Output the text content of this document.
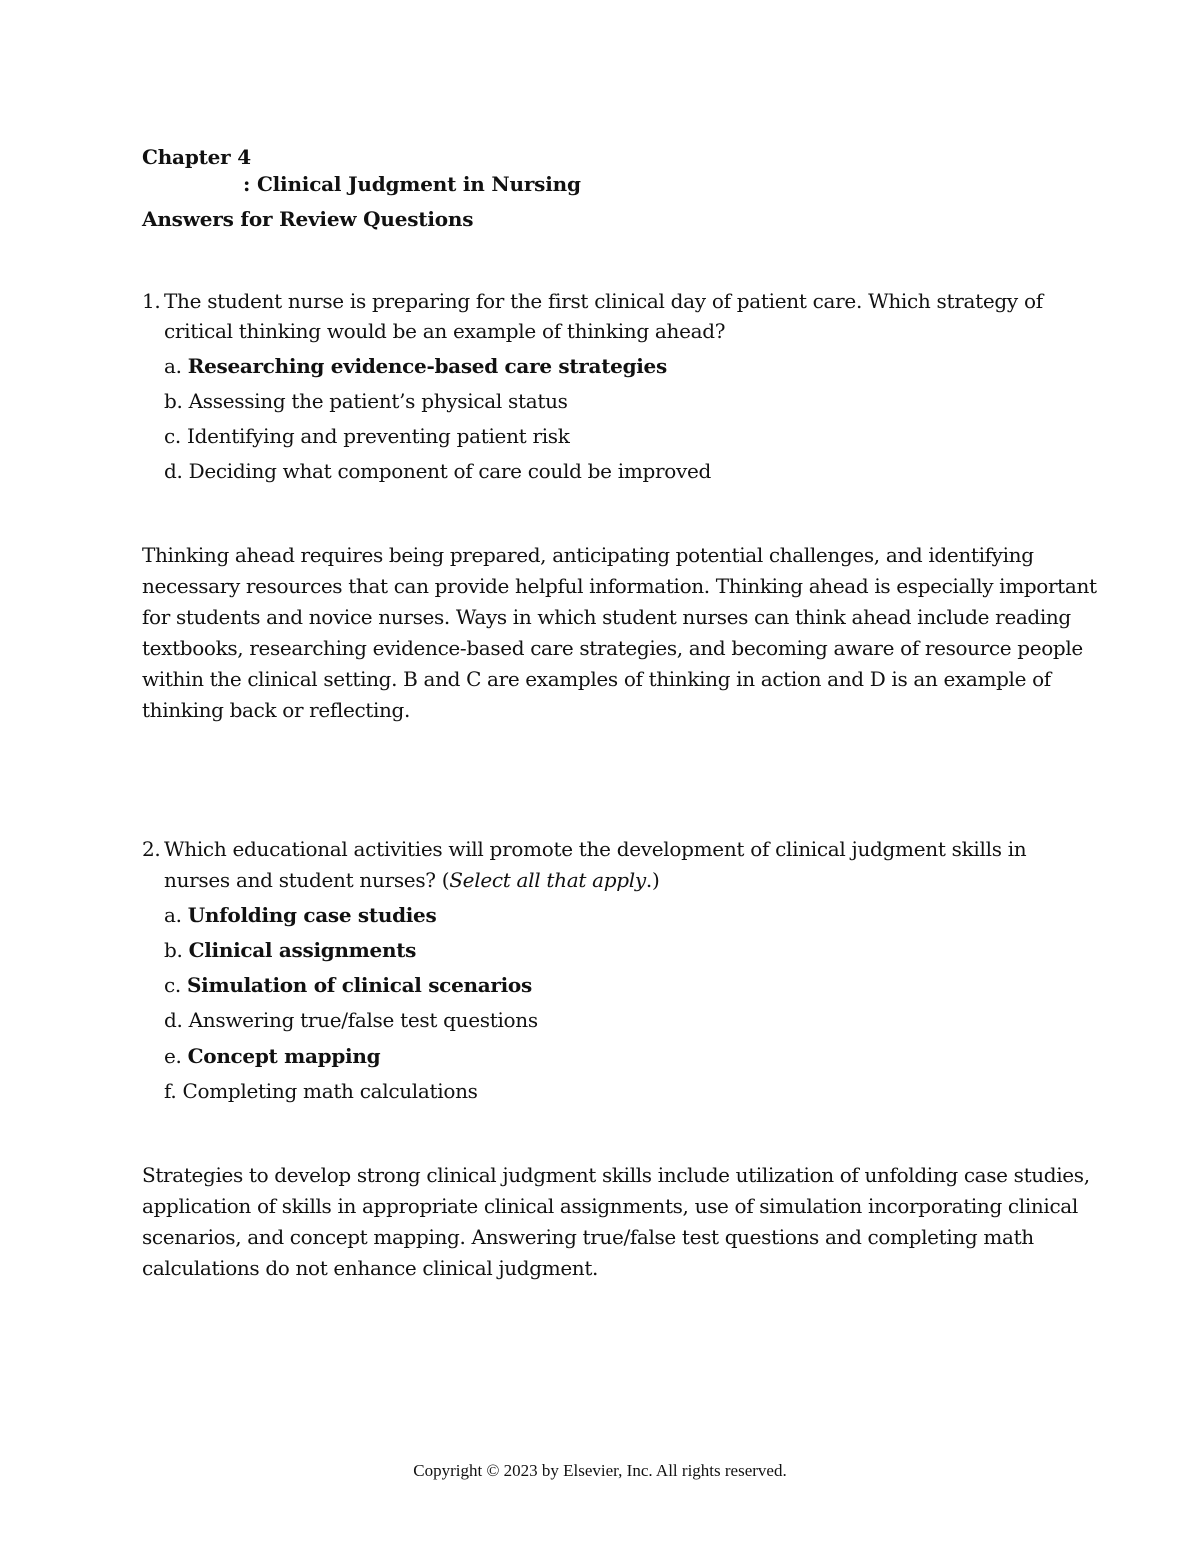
Chapter 4
: Clinical Judgment in Nursing
Answers for Review Questions
1. The student nurse is preparing for the first clinical day of patient care. Which strategy of
critical thinking would be an example of thinking ahead?
a. Researching evidence-based care strategies
b. Assessing the patient’s physical status
c. Identifying and preventing patient risk
d. Deciding what component of care could be improved
Thinking ahead requires being prepared, anticipating potential challenges, and identifying
necessary resources that can provide helpful information. Thinking ahead is especially important
for students and novice nurses. Ways in which student nurses can think ahead include reading
textbooks, researching evidence-based care strategies, and becoming aware of resource people
within the clinical setting. B and C are examples of thinking in action and D is an example of
thinking back or reflecting.
2. Which educational activities will promote the development of clinical judgment skills in
nurses and student nurses? (Select all that apply.)
a. Unfolding case studies
b. Clinical assignments
c. Simulation of clinical scenarios
d. Answering true/false test questions
e. Concept mapping
f. Completing math calculations
Strategies to develop strong clinical judgment skills include utilization of unfolding case studies,
application of skills in appropriate clinical assignments, use of simulation incorporating clinical
scenarios, and concept mapping. Answering true/false test questions and completing math
calculations do not enhance clinical judgment.
Copyright © 2023 by Elsevier, Inc. All rights reserved.
